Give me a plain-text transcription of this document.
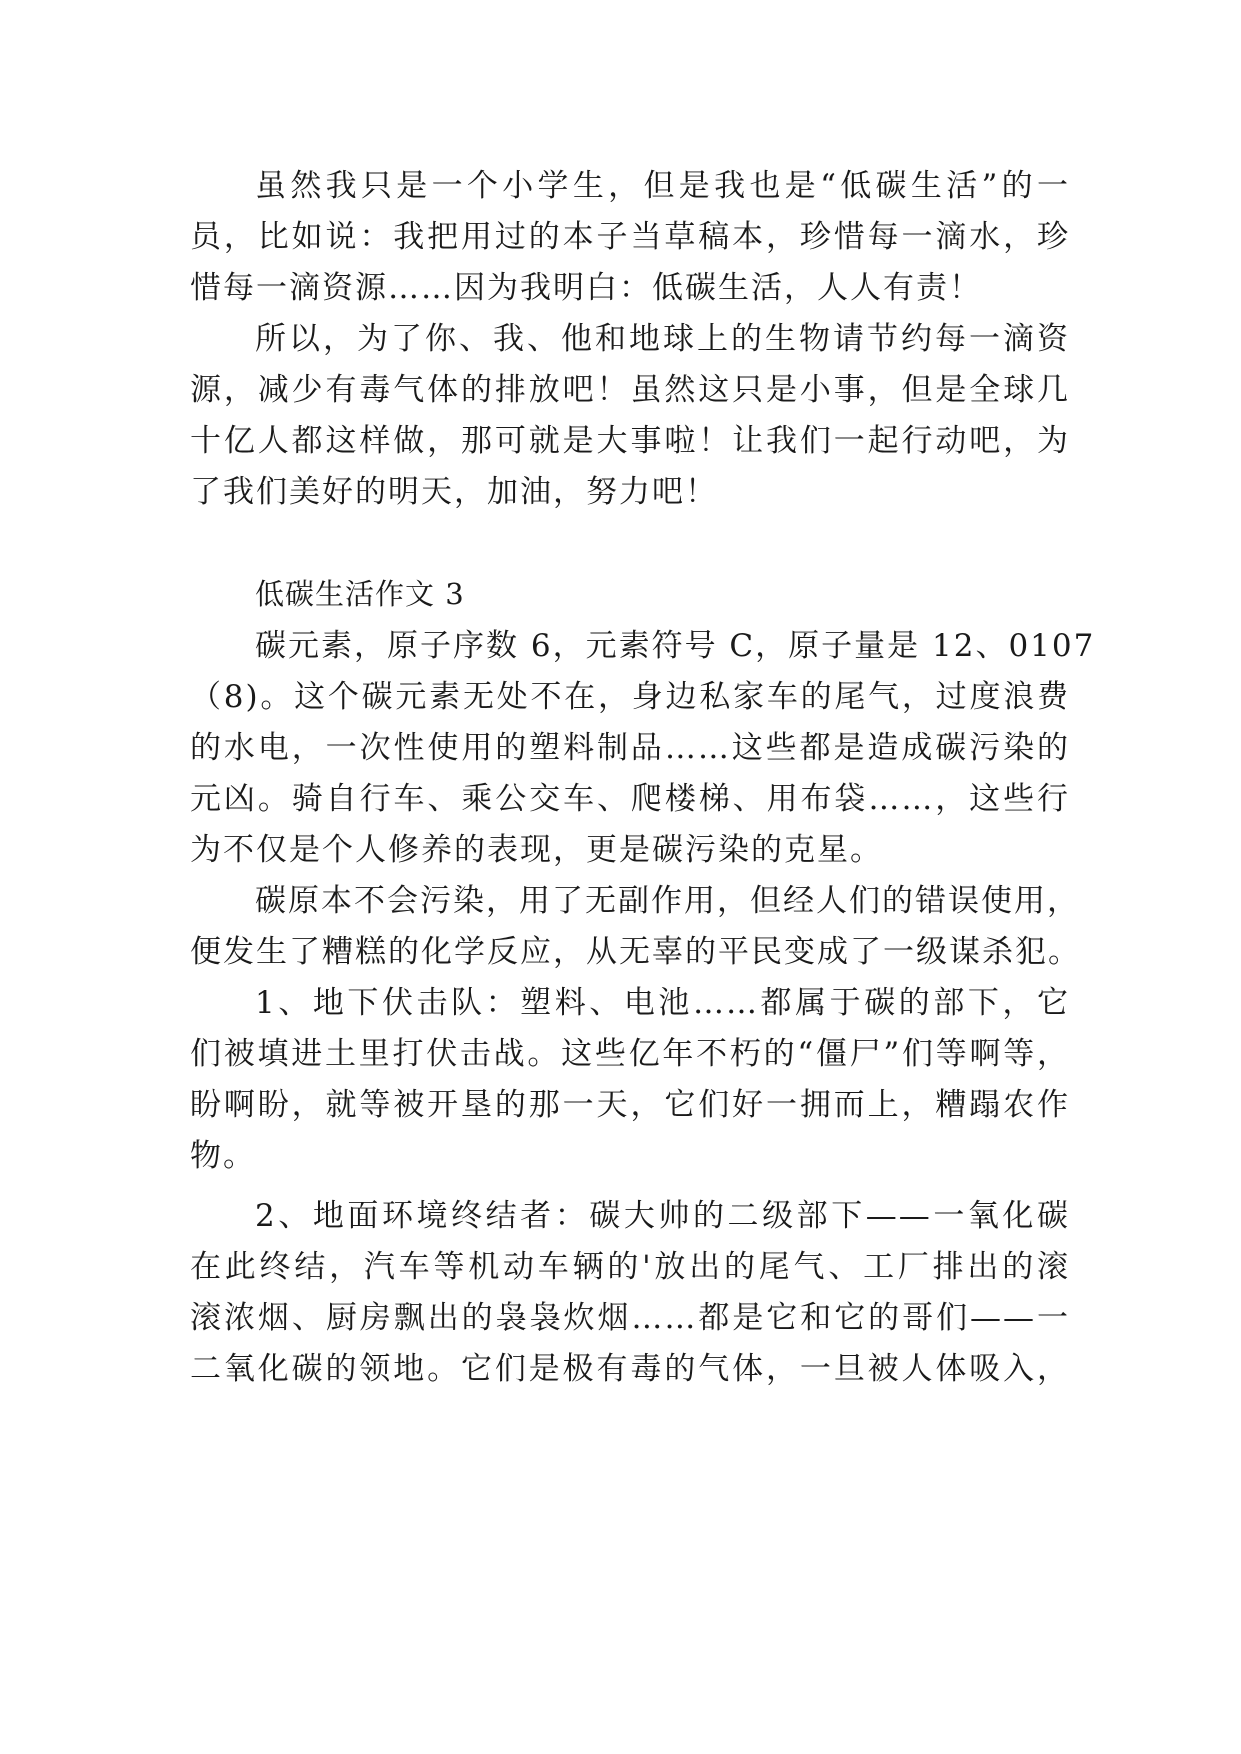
虽然我只是一个小学生，但是我也是“低碳生活”的一
员，比如说：我把用过的本子当草稿本，珍惜每一滴水，珍
惜每一滴资源……因为我明白：低碳生活，人人有责！
所以，为了你、我、他和地球上的生物请节约每一滴资
源，减少有毒气体的排放吧！虽然这只是小事，但是全球几
十亿人都这样做，那可就是大事啦！让我们一起行动吧，为
了我们美好的明天，加油，努力吧！
低碳生活作文 3
碳元素，原子序数 6，元素符号 C，原子量是 12、0107
（8)。这个碳元素无处不在，身边私家车的尾气，过度浪费
的水电，一次性使用的塑料制品……这些都是造成碳污染的
元凶。骑自行车、乘公交车、爬楼梯、用布袋……，这些行
为不仅是个人修养的表现，更是碳污染的克星。
碳原本不会污染，用了无副作用，但经人们的错误使用，
便发生了糟糕的化学反应，从无辜的平民变成了一级谋杀犯。
1、地下伏击队：塑料、电池……都属于碳的部下，它
们被填进土里打伏击战。这些亿年不朽的“僵尸”们等啊等，
盼啊盼，就等被开垦的那一天，它们好一拥而上，糟蹋农作
物。
2、地面环境终结者：碳大帅的二级部下——一氧化碳
在此终结，汽车等机动车辆的'放出的尾气、工厂排出的滚
滚浓烟、厨房飘出的袅袅炊烟……都是它和它的哥们——一
二氧化碳的领地。它们是极有毒的气体，一旦被人体吸入，
